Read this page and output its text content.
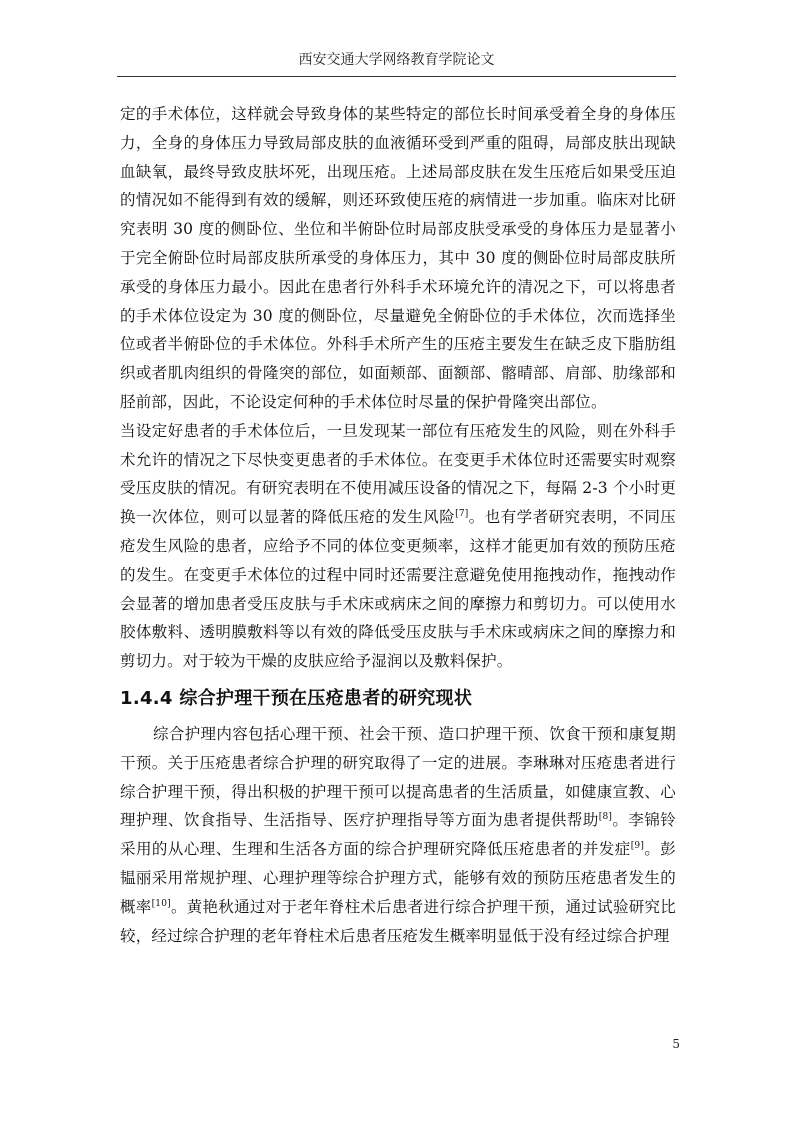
西安交通大学网络教育学院论文

定的手术体位，这样就会导致身体的某些特定的部位长时间承受着全身的身体压力，全身的身体压力导致局部皮肤的血液循环受到严重的阻碍，局部皮肤出现缺血缺氧，最终导致皮肤坏死，出现压疮。上述局部皮肤在发生压疮后如果受压迫的情况如不能得到有效的缓解，则还环致使压疮的病情进一步加重。临床对比研究表明 30 度的侧卧位、坐位和半俯卧位时局部皮肤受承受的身体压力是显著小于完全俯卧位时局部皮肤所承受的身体压力，其中 30 度的侧卧位时局部皮肤所承受的身体压力最小。因此在患者行外科手术环境允许的清况之下，可以将患者的手术体位设定为 30 度的侧卧位，尽量避免全俯卧位的手术体位，次而选择坐位或者半俯卧位的手术体位。外科手术所产生的压疮主要发生在缺乏皮下脂肪组织或者肌肉组织的骨隆突的部位，如面颊部、面额部、髂晴部、肩部、肋缘部和胫前部，因此，不论设定何种的手术体位时尽量的保护骨隆突出部位。

当设定好患者的手术体位后，一旦发现某一部位有压疮发生的风险，则在外科手术允许的情况之下尽快变更患者的手术体位。在变更手术体位时还需要实时观察受压皮肤的情况。有研究表明在不使用减压设备的情况之下，每隔 2-3 个小时更换一次体位，则可以显著的降低压疮的发生风险[7]。也有学者研究表明，不同压疮发生风险的患者，应给予不同的体位变更频率，这样才能更加有效的预防压疮的发生。在变更手术体位的过程中同时还需要注意避免使用拖拽动作，拖拽动作会显著的增加患者受压皮肤与手术床或病床之间的摩擦力和剪切力。可以使用水胶体敷料、透明膜敷料等以有效的降低受压皮肤与手术床或病床之间的摩擦力和剪切力。对于较为干燥的皮肤应给予湿润以及敷料保护。

1.4.4 综合护理干预在压疮患者的研究现状

综合护理内容包括心理干预、社会干预、造口护理干预、饮食干预和康复期干预。关于压疮患者综合护理的研究取得了一定的进展。李琳琳对压疮患者进行综合护理干预，得出积极的护理干预可以提高患者的生活质量，如健康宣教、心理护理、饮食指导、生活指导、医疗护理指导等方面为患者提供帮助[8]。李锦铃采用的从心理、生理和生活各方面的综合护理研究降低压疮患者的并发症[9]。彭韫丽采用常规护理、心理护理等综合护理方式，能够有效的预防压疮患者发生的概率[10]。黄艳秋通过对于老年脊柱术后患者进行综合护理干预，通过试验研究比较，经过综合护理的老年脊柱术后患者压疮发生概率明显低于没有经过综合护理

5
